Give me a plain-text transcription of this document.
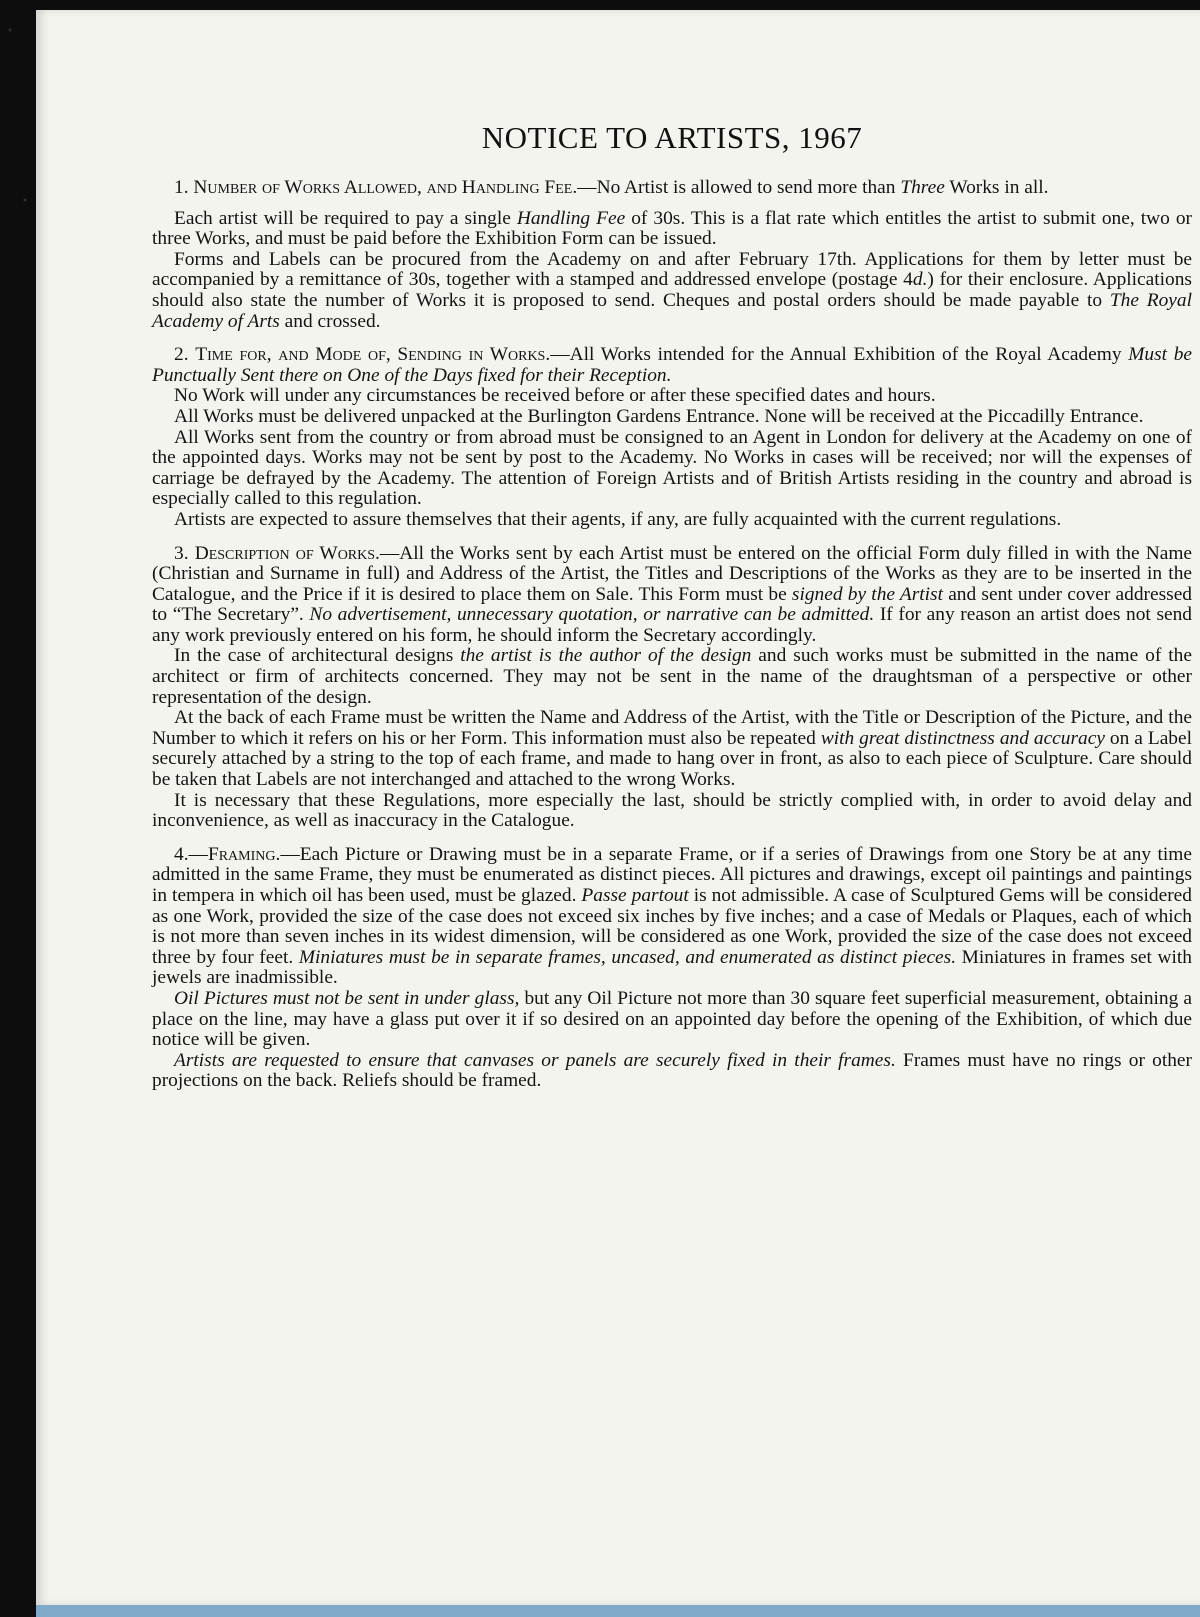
NOTICE TO ARTISTS, 1967

1. Number of Works Allowed, and Handling Fee.—No Artist is allowed to send more than Three Works in all.

Each artist will be required to pay a single Handling Fee of 30s. This is a flat rate which entitles the artist to submit one, two or three Works, and must be paid before the Exhibition Form can be issued.

Forms and Labels can be procured from the Academy on and after February 17th. Applications for them by letter must be accompanied by a remittance of 30s, together with a stamped and addressed envelope (postage 4d.) for their enclosure. Applications should also state the number of Works it is proposed to send. Cheques and postal orders should be made payable to The Royal Academy of Arts and crossed.

2. Time for, and Mode of, Sending in Works.—All Works intended for the Annual Exhibition of the Royal Academy Must be Punctually Sent there on One of the Days fixed for their Reception.

No Work will under any circumstances be received before or after these specified dates and hours.

All Works must be delivered unpacked at the Burlington Gardens Entrance. None will be received at the Piccadilly Entrance.

All Works sent from the country or from abroad must be consigned to an Agent in London for delivery at the Academy on one of the appointed days. Works may not be sent by post to the Academy. No Works in cases will be received; nor will the expenses of carriage be defrayed by the Academy. The attention of Foreign Artists and of British Artists residing in the country and abroad is especially called to this regulation.

Artists are expected to assure themselves that their agents, if any, are fully acquainted with the current regulations.

3. Description of Works.—All the Works sent by each Artist must be entered on the official Form duly filled in with the Name (Christian and Surname in full) and Address of the Artist, the Titles and Descriptions of the Works as they are to be inserted in the Catalogue, and the Price if it is desired to place them on Sale. This Form must be signed by the Artist and sent under cover addressed to “The Secretary”. No advertisement, unnecessary quotation, or narrative can be admitted. If for any reason an artist does not send any work previously entered on his form, he should inform the Secretary accordingly.

In the case of architectural designs the artist is the author of the design and such works must be submitted in the name of the architect or firm of architects concerned. They may not be sent in the name of the draughtsman of a perspective or other representation of the design.

At the back of each Frame must be written the Name and Address of the Artist, with the Title or Description of the Picture, and the Number to which it refers on his or her Form. This information must also be repeated with great distinctness and accuracy on a Label securely attached by a string to the top of each frame, and made to hang over in front, as also to each piece of Sculpture. Care should be taken that Labels are not interchanged and attached to the wrong Works.

It is necessary that these Regulations, more especially the last, should be strictly complied with, in order to avoid delay and inconvenience, as well as inaccuracy in the Catalogue.

4.—Framing.—Each Picture or Drawing must be in a separate Frame, or if a series of Drawings from one Story be at any time admitted in the same Frame, they must be enumerated as distinct pieces. All pictures and drawings, except oil paintings and paintings in tempera in which oil has been used, must be glazed. Passe partout is not admissible. A case of Sculptured Gems will be considered as one Work, provided the size of the case does not exceed six inches by five inches; and a case of Medals or Plaques, each of which is not more than seven inches in its widest dimension, will be considered as one Work, provided the size of the case does not exceed three by four feet. Miniatures must be in separate frames, uncased, and enumerated as distinct pieces. Miniatures in frames set with jewels are inadmissible.

Oil Pictures must not be sent in under glass, but any Oil Picture not more than 30 square feet superficial measurement, obtaining a place on the line, may have a glass put over it if so desired on an appointed day before the opening of the Exhibition, of which due notice will be given.

Artists are requested to ensure that canvases or panels are securely fixed in their frames. Frames must have no rings or other projections on the back. Reliefs should be framed.
